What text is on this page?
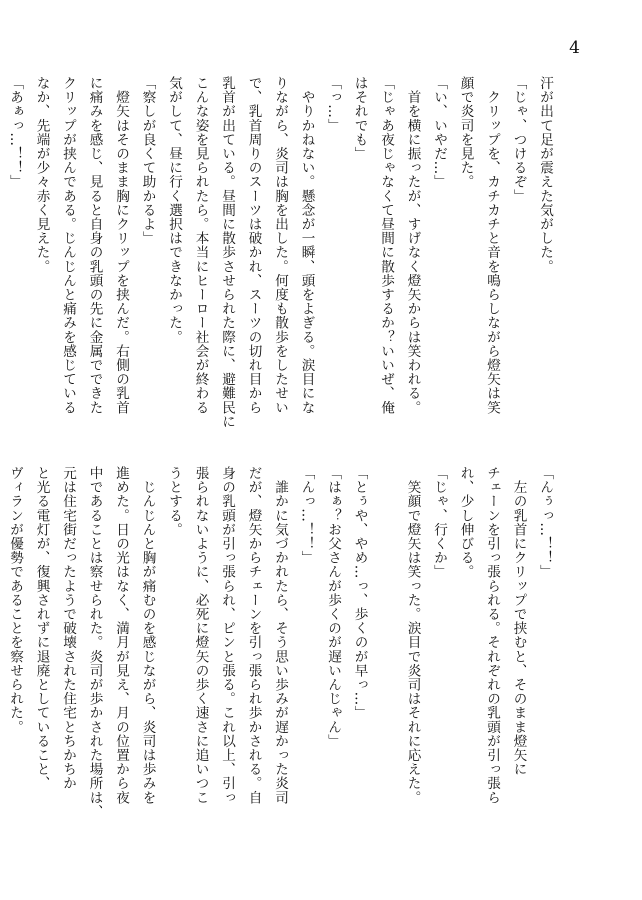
4
汗が出て足が震えた気がした。
「じゃ、つけるぞ」
　クリップを、カチカチと音を鳴らしながら燈矢は笑
顔で炎司を見た。
「い、いやだ…」
　首を横に振ったが、すげなく燈矢からは笑われる。
「じゃあ夜じゃなくて昼間に散歩するか？いいぜ、俺
はそれでも」
「っ…」
　やりかねない。懸念が一瞬、頭をよぎる。涙目にな
りながら、炎司は胸を出した。何度も散歩をしたせい
で、乳首周りのスーツは破かれ、スーツの切れ目から
乳首が出ている。昼間に散歩させられた際に、避難民に
こんな姿を見られたら。本当にヒーロー社会が終わる
気がして、昼に行く選択はできなかった。
「察しが良くて助かるよ」
　燈矢はそのまま胸にクリップを挟んだ。右側の乳首
に痛みを感じ、見ると自身の乳頭の先に金属でできた
クリップが挟んである。じんじんと痛みを感じている
なか、先端が少々赤く見えた。
「あぁっ…！！」
「んぅっ…！！」
　左の乳首にクリップで挟むと、そのまま燈矢に
チェーンを引っ張られる。それぞれの乳頭が引っ張ら
れ、少し伸びる。
「じゃ、行くか」
　笑顔で燈矢は笑った。涙目で炎司はそれに応えた。

「とぅや、やめ…っ、歩くのが早っ…」
「はぁ？お父さんが歩くのが遅いんじゃん」
「んっ…！！」
　誰かに気づかれたら、そう思い歩みが遅かった炎司
だが、燈矢からチェーンを引っ張られ歩かされる。自
身の乳頭が引っ張られ、ピンと張る。これ以上、引っ
張られないように、必死に燈矢の歩く速さに追いつこ
うとする。
　じんじんと胸が痛むのを感じながら、炎司は歩みを
進めた。日の光はなく、満月が見え、月の位置から夜
中であることは察せられた。炎司が歩かされた場所は、
元は住宅街だったようで破壊された住宅とちかちか
と光る電灯が、復興されずに退廃としていること、
ヴィランが優勢であることを察せられた。
